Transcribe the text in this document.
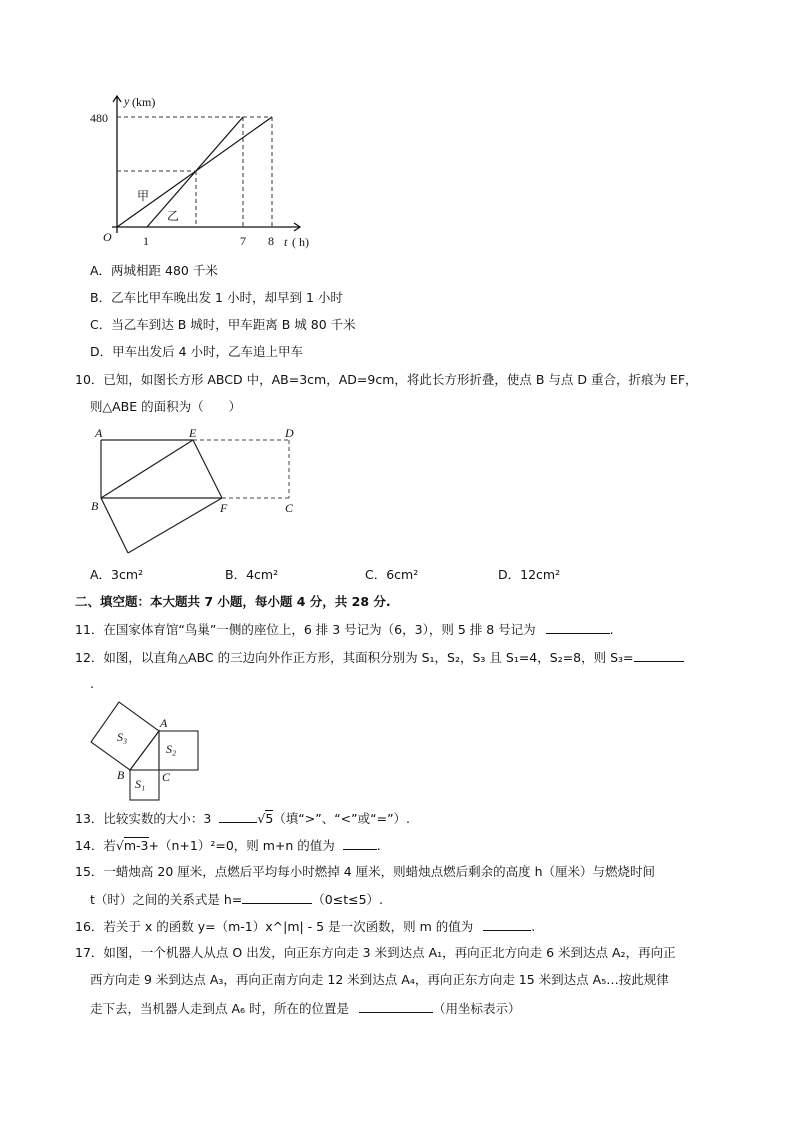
y (km)
480
O	1	7 8 t ( h)
甲
乙
A．两城相距 480 千米
B．乙车比甲车晚出发 1 小时，却早到 1 小时
C．当乙车到达 B 城时，甲车距离 B 城 80 千米
D．甲车出发后 4 小时，乙车追上甲车
10．已知，如图长方形 ABCD 中，AB=3cm，AD=9cm，将此长方形折叠，使点 B 与点 D 重合，折痕为 EF，
则△ABE 的面积为（　　）
A	E	D
B	F	C
A．3cm²	B．4cm²	C．6cm²	D．12cm²
二、填空题：本大题共 7 小题，每小题 4 分，共 28 分.
11．在国家体育馆“鸟巢”一侧的座位上，6 排 3 号记为（6，3），则 5 排 8 号记为	.
12．如图，以直角△ABC 的三边向外作正方形，其面积分别为 S₁，S₂，S₃ 且 S₁=4，S₂=8，则 S₃=
.
S₃
S₂
S₁
A
B	C
13．比较实数的大小：3	√5（填“>”、“<”或“=”）.
14．若√m-3+（n+1）²=0，则 m+n 的值为	.
15．一蜡烛高 20 厘米，点燃后平均每小时燃掉 4 厘米，则蜡烛点燃后剩余的高度 h（厘米）与燃烧时间
t（时）之间的关系式是 h=	（0≤t≤5）.
16．若关于 x 的函数 y=（m-1）x^|m| - 5 是一次函数，则 m 的值为	.
17．如图，一个机器人从点 O 出发，向正东方向走 3 米到达点 A₁，再向正北方向走 6 米到达点 A₂，再向正
西方向走 9 米到达点 A₃，再向正南方向走 12 米到达点 A₄，再向正东方向走 15 米到达点 A₅…按此规律
走下去，当机器人走到点 A₆ 时，所在的位置是	（用坐标表示）
